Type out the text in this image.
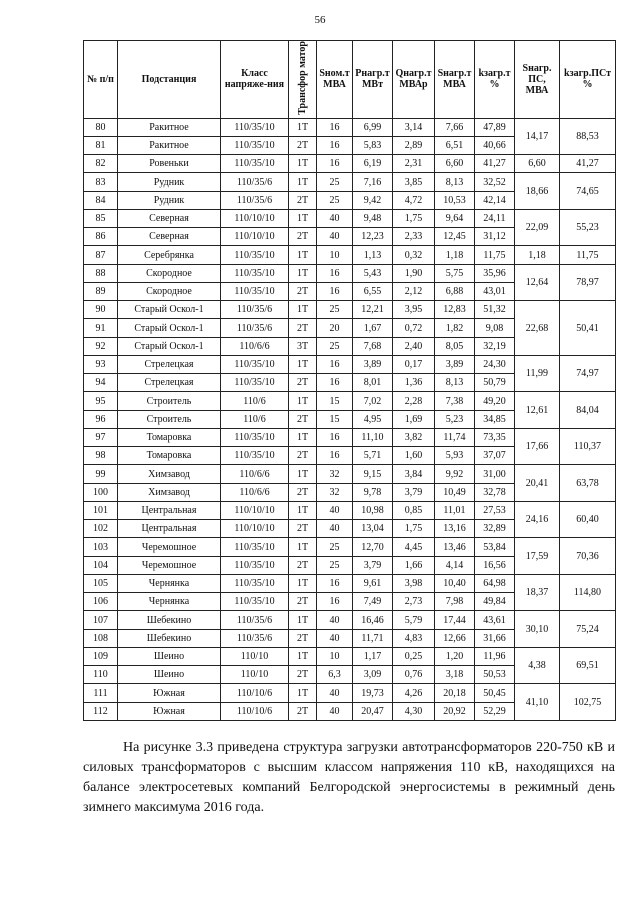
56
№ п/п	Подстанция	Класс напряже-ния	Трансфор матор	Sном.т МВА	Pнагр.т МВт	Qнагр.т МВАр	Sнагр.т МВА	kзагр.т %	Sнагр. ПС, МВА	kзагр.ПСт %
80	Ракитное	110/35/10	1Т	16	6,99	3,14	7,66	47,89	14,17	88,53
81	Ракитное	110/35/10	2Т	16	5,83	2,89	6,51	40,66		
82	Ровеньки	110/35/10	1Т	16	6,19	2,31	6,60	41,27	6,60	41,27
83	Рудник	110/35/6	1Т	25	7,16	3,85	8,13	32,52	18,66	74,65
84	Рудник	110/35/6	2Т	25	9,42	4,72	10,53	42,14		
85	Северная	110/10/10	1Т	40	9,48	1,75	9,64	24,11	22,09	55,23
86	Северная	110/10/10	2Т	40	12,23	2,33	12,45	31,12		
87	Серебрянка	110/35/10	1Т	10	1,13	0,32	1,18	11,75	1,18	11,75
88	Скородное	110/35/10	1Т	16	5,43	1,90	5,75	35,96	12,64	78,97
89	Скородное	110/35/10	2Т	16	6,55	2,12	6,88	43,01		
90	Старый Оскол-1	110/35/6	1Т	25	12,21	3,95	12,83	51,32	22,68	50,41
91	Старый Оскол-1	110/35/6	2Т	20	1,67	0,72	1,82	9,08		
92	Старый Оскол-1	110/6/6	3Т	25	7,68	2,40	8,05	32,19		
93	Стрелецкая	110/35/10	1Т	16	3,89	0,17	3,89	24,30	11,99	74,97
94	Стрелецкая	110/35/10	2Т	16	8,01	1,36	8,13	50,79		
95	Строитель	110/6	1Т	15	7,02	2,28	7,38	49,20	12,61	84,04
96	Строитель	110/6	2Т	15	4,95	1,69	5,23	34,85		
97	Томаровка	110/35/10	1Т	16	11,10	3,82	11,74	73,35	17,66	110,37
98	Томаровка	110/35/10	2Т	16	5,71	1,60	5,93	37,07		
99	Химзавод	110/6/6	1Т	32	9,15	3,84	9,92	31,00	20,41	63,78
100	Химзавод	110/6/6	2Т	32	9,78	3,79	10,49	32,78		
101	Центральная	110/10/10	1Т	40	10,98	0,85	11,01	27,53	24,16	60,40
102	Центральная	110/10/10	2Т	40	13,04	1,75	13,16	32,89		
103	Черемошное	110/35/10	1Т	25	12,70	4,45	13,46	53,84	17,59	70,36
104	Черемошное	110/35/10	2Т	25	3,79	1,66	4,14	16,56		
105	Чернянка	110/35/10	1Т	16	9,61	3,98	10,40	64,98	18,37	114,80
106	Чернянка	110/35/10	2Т	16	7,49	2,73	7,98	49,84		
107	Шебекино	110/35/6	1Т	40	16,46	5,79	17,44	43,61	30,10	75,24
108	Шебекино	110/35/6	2Т	40	11,71	4,83	12,66	31,66		
109	Шеино	110/10	1Т	10	1,17	0,25	1,20	11,96	4,38	69,51
110	Шеино	110/10	2Т	6,3	3,09	0,76	3,18	50,53		
111	Южная	110/10/6	1Т	40	19,73	4,26	20,18	50,45	41,10	102,75
112	Южная	110/10/6	2Т	40	20,47	4,30	20,92	52,29		

На рисунке 3.3 приведена структура загрузки автотрансформаторов 220-750 кВ и силовых трансформаторов с высшим классом напряжения 110 кВ, находящихся на балансе электросетевых компаний Белгородской энергосистемы в режимный день зимнего максимума 2016 года.
